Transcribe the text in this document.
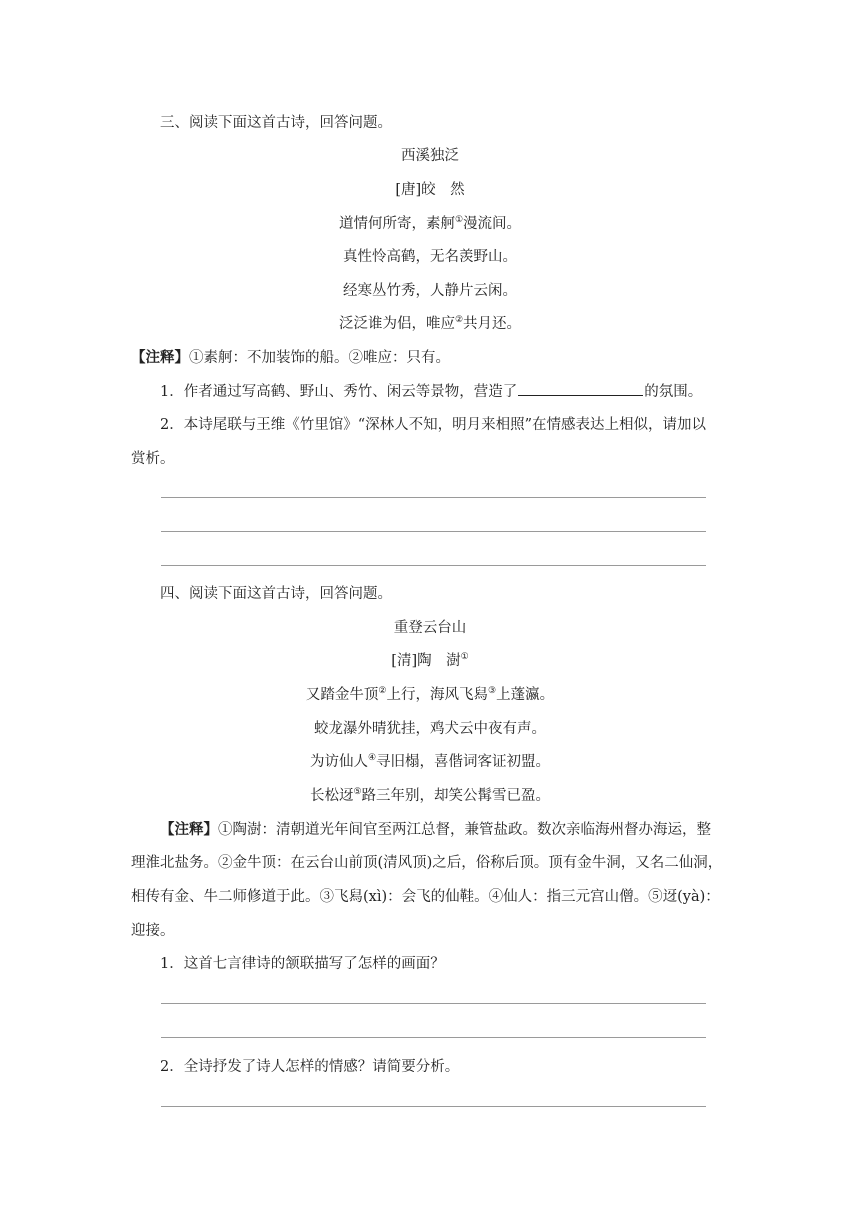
三、阅读下面这首古诗，回答问题。
西溪独泛
[唐]皎　然
道情何所寄，素舸①漫流间。
真性怜高鹤，无名羡野山。
经寒丛竹秀，人静片云闲。
泛泛谁为侣，唯应②共月还。
【注释】①素舸：不加装饰的船。②唯应：只有。
1．作者通过写高鹤、野山、秀竹、闲云等景物，营造了	的氛围。
2．本诗尾联与王维《竹里馆》“深林人不知，明月来相照”在情感表达上相似，请加以
赏析。
四、阅读下面这首古诗，回答问题。
重登云台山
[清]陶　澍①
又踏金牛顶②上行，海风飞舄③上蓬瀛。
蛟龙瀑外晴犹挂，鸡犬云中夜有声。
为访仙人④寻旧榻，喜偕词客证初盟。
长松迓⑤路三年别，却笑公髯雪已盈。
【注释】①陶澍：清朝道光年间官至两江总督，兼管盐政。数次亲临海州督办海运，整
理淮北盐务。②金牛顶：在云台山前顶(清风顶)之后，俗称后顶。顶有金牛洞，又名二仙洞，
相传有金、牛二师修道于此。③飞舄(xì)：会飞的仙鞋。④仙人：指三元宫山僧。⑤迓(yà)：
迎接。
1．这首七言律诗的颔联描写了怎样的画面？
2．全诗抒发了诗人怎样的情感？请简要分析。
